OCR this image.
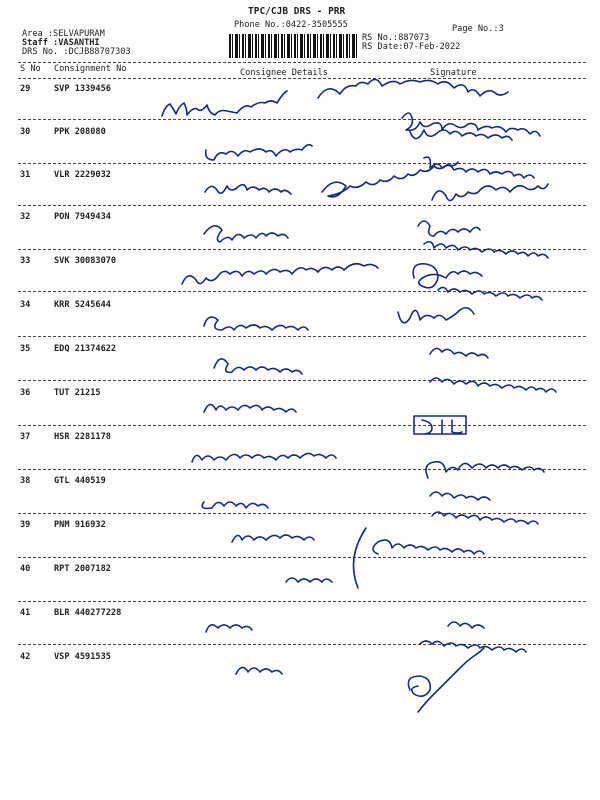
Area :SELVAPURAM
Staff :VASANTHI
DRS No. :DCJB88707303
TPC/CJB DRS - PRR
Phone No.:0422-3505555
RS No.:887073
RS Date:07-Feb-2022
Page No.:3
S No Consignment No	Consignee Details	Signature
29	SVP 1339456
30	PPK 208080
31	VLR 2229032
32	PON 7949434
33	SVK 30083070
34	KRR 5245644
35	EDQ 21374622
36	TUT 21215
37	HSR 2281178
38	GTL 440519
39	PNM 916932
40	RPT 2007182
41	BLR 440277228
42	VSP 4591535
